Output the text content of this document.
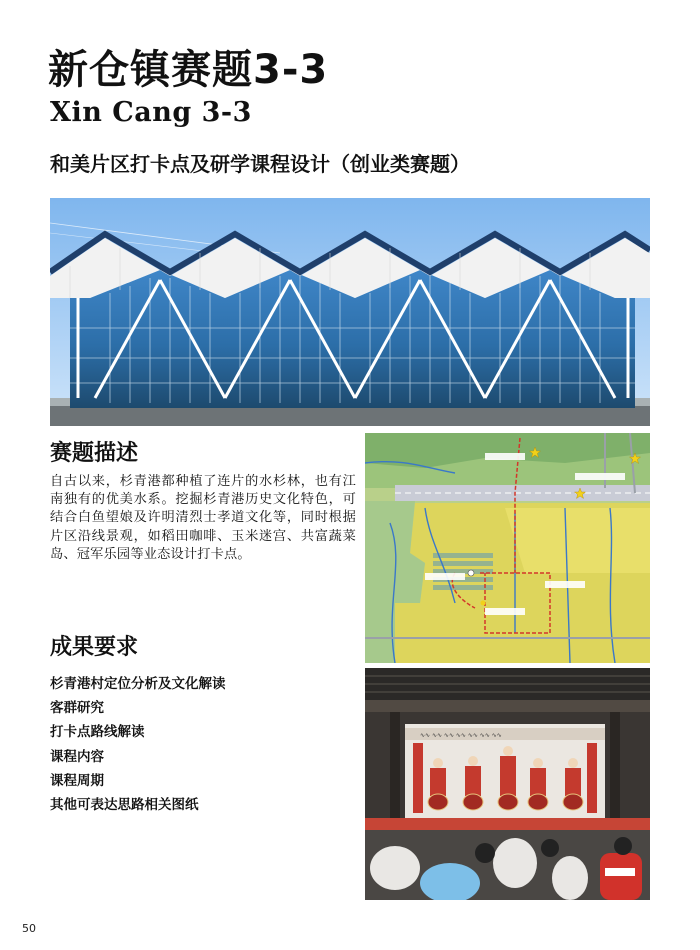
新仓镇赛题3-3
Xin Cang 3-3
和美片区打卡点及研学课程设计（创业类赛题）
赛题描述

自古以来，杉青港都种植了连片的水杉林，也有江南独有的优美水系。挖掘杉青港历史文化特色，可结合白鱼望娘及许明清烈士孝道文化等，同时根据片区沿线景观，如稻田咖啡、玉米迷宫、共富蔬菜岛、冠军乐园等业态设计打卡点。

成果要求
杉青港村定位分析及文化解读
客群研究
打卡点路线解读
课程内容
课程周期
其他可表达思路相关图纸
∿∿ ∿∿ ∿∿ ∿∿ ∿∿ ∿∿ ∿∿
50
